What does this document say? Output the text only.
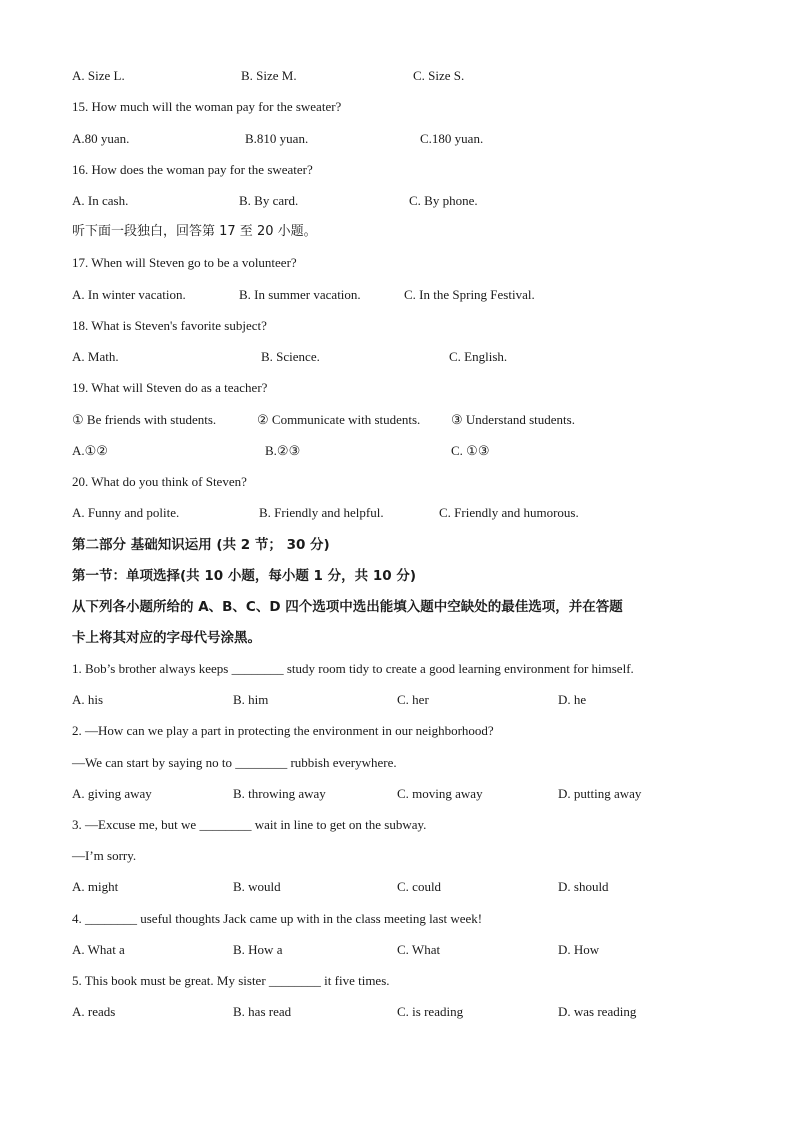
A. Size L.	B. Size M.	C. Size S.
15. How much will the woman pay for the sweater?
A.80 yuan.	B.810 yuan.	C.180 yuan.
16. How does the woman pay for the sweater?
A. In cash.	B. By card.	C. By phone.
听下面一段独白，回答第 17 至 20 小题。
17. When will Steven go to be a volunteer?
A. In winter vacation.	B. In summer vacation.	C. In the Spring Festival.
18. What is Steven's favorite subject?
A. Math.	B. Science.	C. English.
19. What will Steven do as a teacher?
① Be friends with students.	② Communicate with students. ③ Understand students.
A.①②	B.②③	C. ①③
20. What do you think of Steven?
A. Funny and polite.	B. Friendly and helpful.	C. Friendly and humorous.
第二部分 基础知识运用 (共 2 节； 30 分)
第一节：单项选择(共 10 小题，每小题 1 分，共 10 分)
从下列各小题所给的 A、B、C、D 四个选项中选出能填入题中空缺处的最佳选项，并在答题
卡上将其对应的字母代号涂黑。
1. Bob’s brother always keeps ________ study room tidy to create a good learning environment for himself.
A. his	B. him	C. her	D. he
2. —How can we play a part in protecting the environment in our neighborhood?
—We can start by saying no to ________ rubbish everywhere.
A. giving away	B. throwing away	C. moving away	D. putting away
3. —Excuse me, but we ________ wait in line to get on the subway.
—I’m sorry.
A. might	B. would	C. could	D. should
4. ________ useful thoughts Jack came up with in the class meeting last week!
A. What a	B. How a	C. What	D. How
5. This book must be great. My sister ________ it five times.
A. reads	B. has read	C. is reading	D. was reading
